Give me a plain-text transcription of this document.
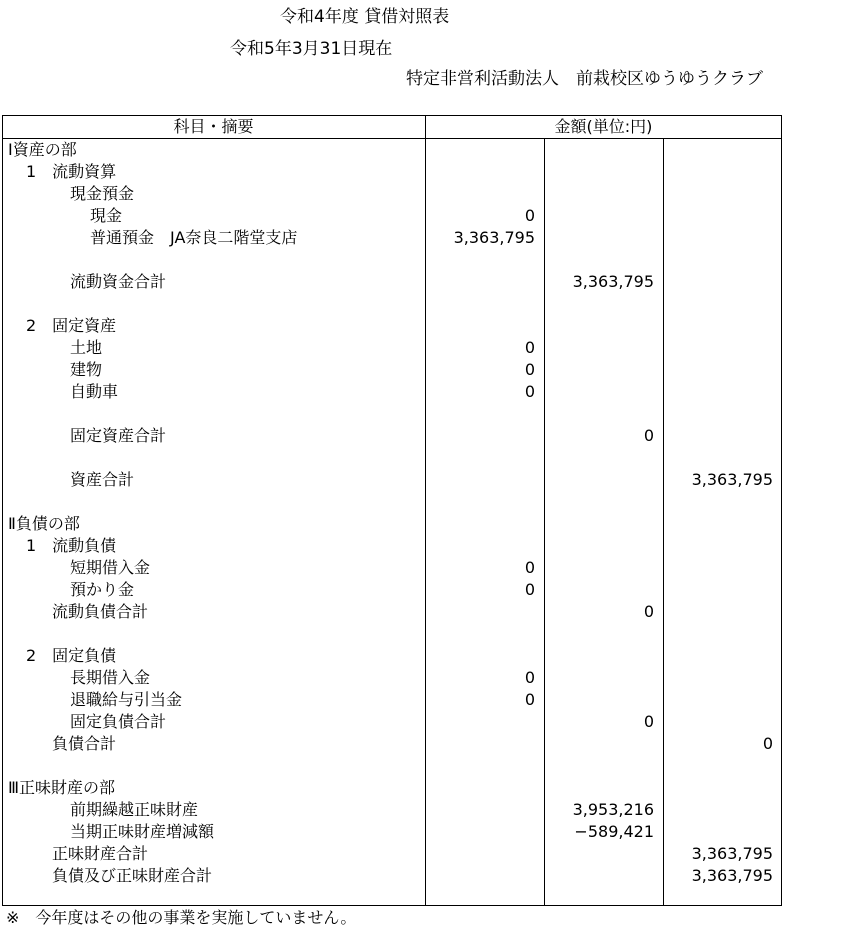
令和4年度 貸借対照表
令和5年3月31日現在
特定非営利活動法人　前栽校区ゆうゆうクラブ
科目・摘要	金額(単位:円)
Ⅰ資産の部
1　流動資算
現金預金
現金	0
普通預金　JA奈良二階堂支店	3,363,795
流動資金合計	3,363,795
2　固定資産
土地	0
建物	0
自動車	0
固定資産合計	0
資産合計	3,363,795
Ⅱ負債の部
1　流動負債
短期借入金	0
預かり金	0
流動負債合計	0
2　固定負債
長期借入金	0
退職給与引当金	0
固定負債合計	0
負債合計	0
Ⅲ正味財産の部
前期繰越正味財産	3,953,216
当期正味財産増減額	−589,421
正味財産合計	3,363,795
負債及び正味財産合計	3,363,795
※　今年度はその他の事業を実施していません。
